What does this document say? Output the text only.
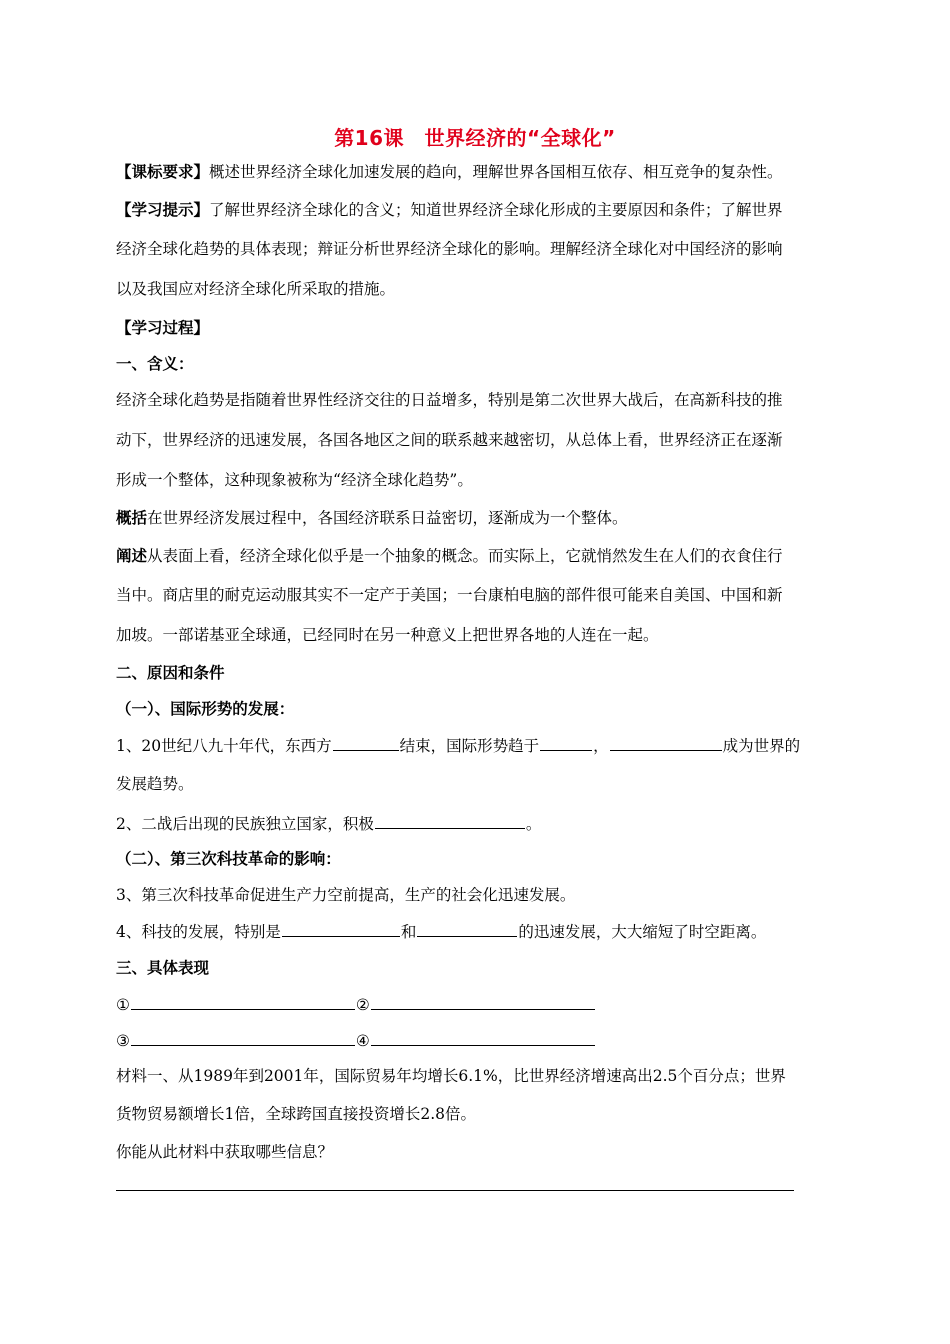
第16课　世界经济的“全球化”
【课标要求】概述世界经济全球化加速发展的趋向，理解世界各国相互依存、相互竞争的复杂性。
【学习提示】了解世界经济全球化的含义；知道世界经济全球化形成的主要原因和条件；了解世界
经济全球化趋势的具体表现；辩证分析世界经济全球化的影响。理解经济全球化对中国经济的影响
以及我国应对经济全球化所采取的措施。
【学习过程】
一、含义：
经济全球化趋势是指随着世界性经济交往的日益增多，特别是第二次世界大战后，在高新科技的推
动下，世界经济的迅速发展，各国各地区之间的联系越来越密切，从总体上看，世界经济正在逐渐
形成一个整体，这种现象被称为“经济全球化趋势”。
概括在世界经济发展过程中，各国经济联系日益密切，逐渐成为一个整体。
阐述从表面上看，经济全球化似乎是一个抽象的概念。而实际上，它就悄然发生在人们的衣食住行
当中。商店里的耐克运动服其实不一定产于美国；一台康柏电脑的部件很可能来自美国、中国和新
加坡。一部诺基亚全球通，已经同时在另一种意义上把世界各地的人连在一起。
二、原因和条件
（一）、国际形势的发展：
1、20世纪八九十年代，东西方	结束，国际形势趋于	，	成为世界的
发展趋势。
2、二战后出现的民族独立国家，积极	。
（二）、第三次科技革命的影响：
3、第三次科技革命促进生产力空前提高，生产的社会化迅速发展。
4、科技的发展，特别是	和	的迅速发展，大大缩短了时空距离。
三、具体表现
①	②
③	④
材料一、从1989年到2001年，国际贸易年均增长6.1%，比世界经济增速高出2.5个百分点；世界
货物贸易额增长1倍，全球跨国直接投资增长2.8倍。
你能从此材料中获取哪些信息？
